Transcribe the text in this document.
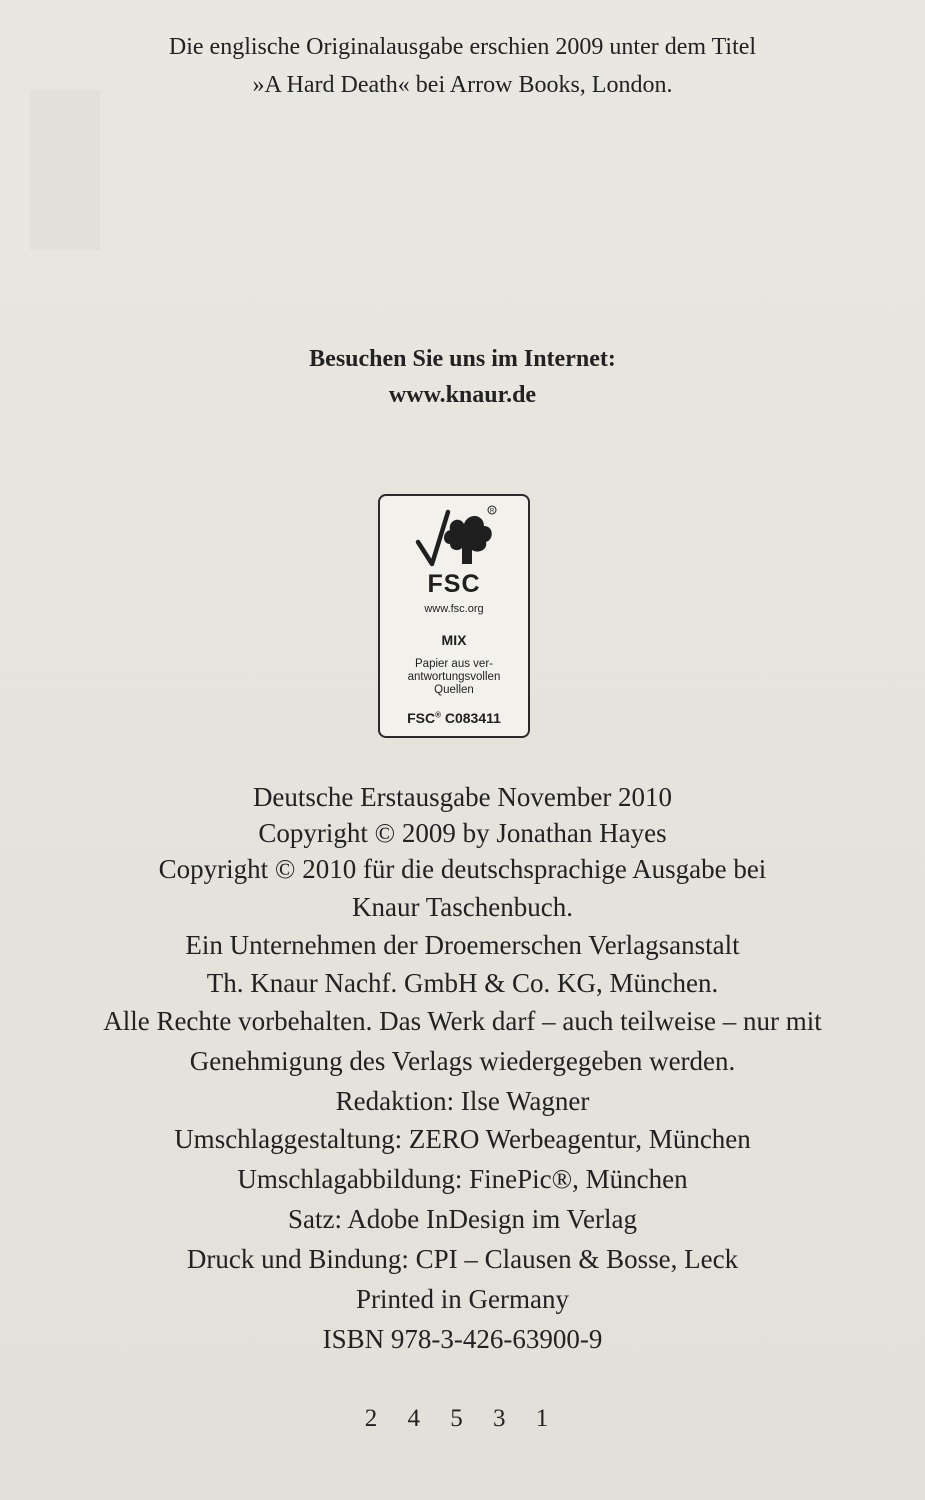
Die englische Originalausgabe erschien 2009 unter dem Titel
»A Hard Death« bei Arrow Books, London.
Besuchen Sie uns im Internet:
www.knaur.de
R
FSC
www.fsc.org
MIX
Papier aus ver-
antwortungsvollen
Quellen
FSC® C083411
Deutsche Erstausgabe November 2010
Copyright © 2009 by Jonathan Hayes
Copyright © 2010 für die deutschsprachige Ausgabe bei
Knaur Taschenbuch.
Ein Unternehmen der Droemerschen Verlagsanstalt
Th. Knaur Nachf. GmbH & Co. KG, München.
Alle Rechte vorbehalten. Das Werk darf – auch teilweise – nur mit
Genehmigung des Verlags wiedergegeben werden.
Redaktion: Ilse Wagner
Umschlaggestaltung: ZERO Werbeagentur, München
Umschlagabbildung: FinePic®, München
Satz: Adobe InDesign im Verlag
Druck und Bindung: CPI – Clausen & Bosse, Leck
Printed in Germany
ISBN 978-3-426-63900-9
2 4 5 3 1
